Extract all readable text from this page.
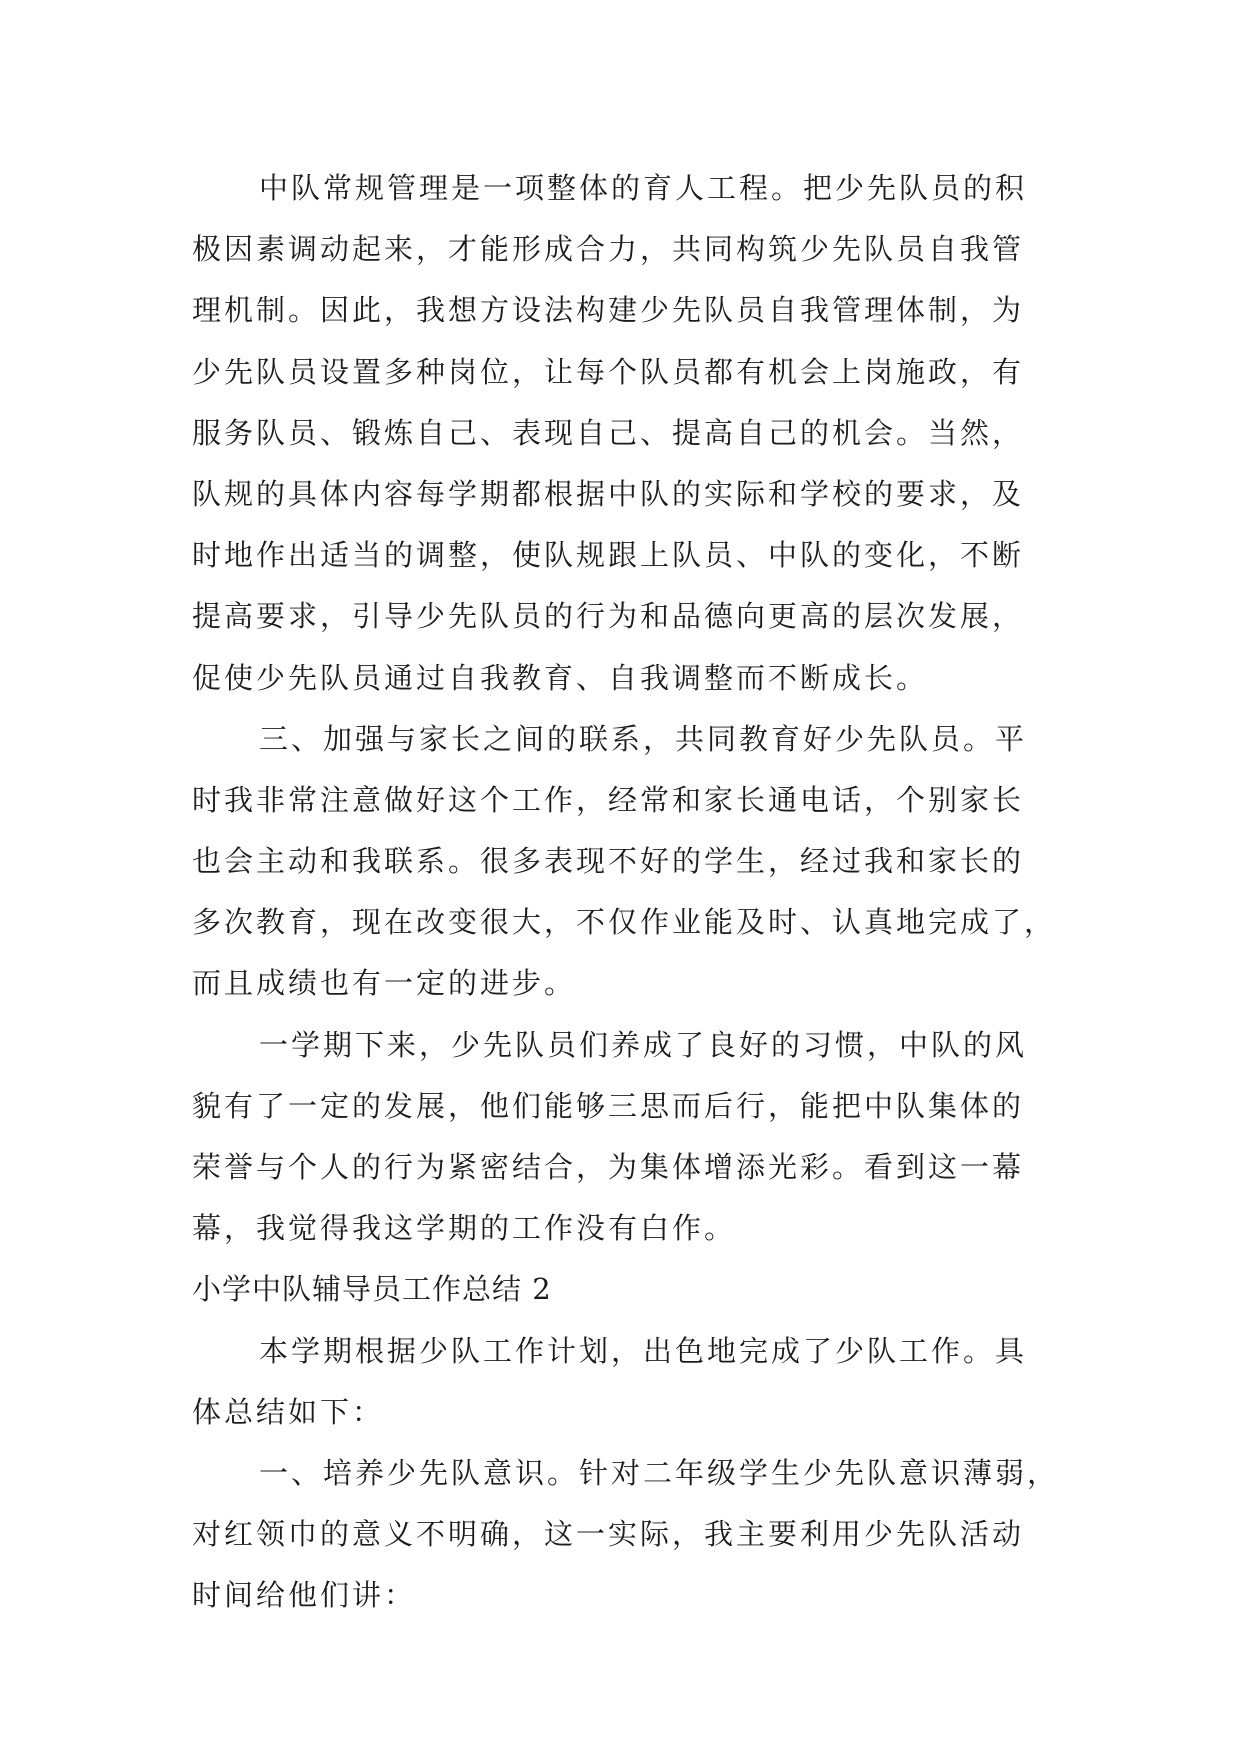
中队常规管理是一项整体的育人工程。把少先队员的积
极因素调动起来，才能形成合力，共同构筑少先队员自我管
理机制。因此，我想方设法构建少先队员自我管理体制，为
少先队员设置多种岗位，让每个队员都有机会上岗施政，有
服务队员、锻炼自己、表现自己、提高自己的机会。当然，
队规的具体内容每学期都根据中队的实际和学校的要求，及
时地作出适当的调整，使队规跟上队员、中队的变化，不断
提高要求，引导少先队员的行为和品德向更高的层次发展，
促使少先队员通过自我教育、自我调整而不断成长。
三、加强与家长之间的联系，共同教育好少先队员。平
时我非常注意做好这个工作，经常和家长通电话，个别家长
也会主动和我联系。很多表现不好的学生，经过我和家长的
多次教育，现在改变很大，不仅作业能及时、认真地完成了，
而且成绩也有一定的进步。
一学期下来，少先队员们养成了良好的习惯，中队的风
貌有了一定的发展，他们能够三思而后行，能把中队集体的
荣誉与个人的行为紧密结合，为集体增添光彩。看到这一幕
幕，我觉得我这学期的工作没有白作。
小学中队辅导员工作总结 2
本学期根据少队工作计划，出色地完成了少队工作。具
体总结如下：
一、培养少先队意识。针对二年级学生少先队意识薄弱，
对红领巾的意义不明确，这一实际，我主要利用少先队活动
时间给他们讲：
